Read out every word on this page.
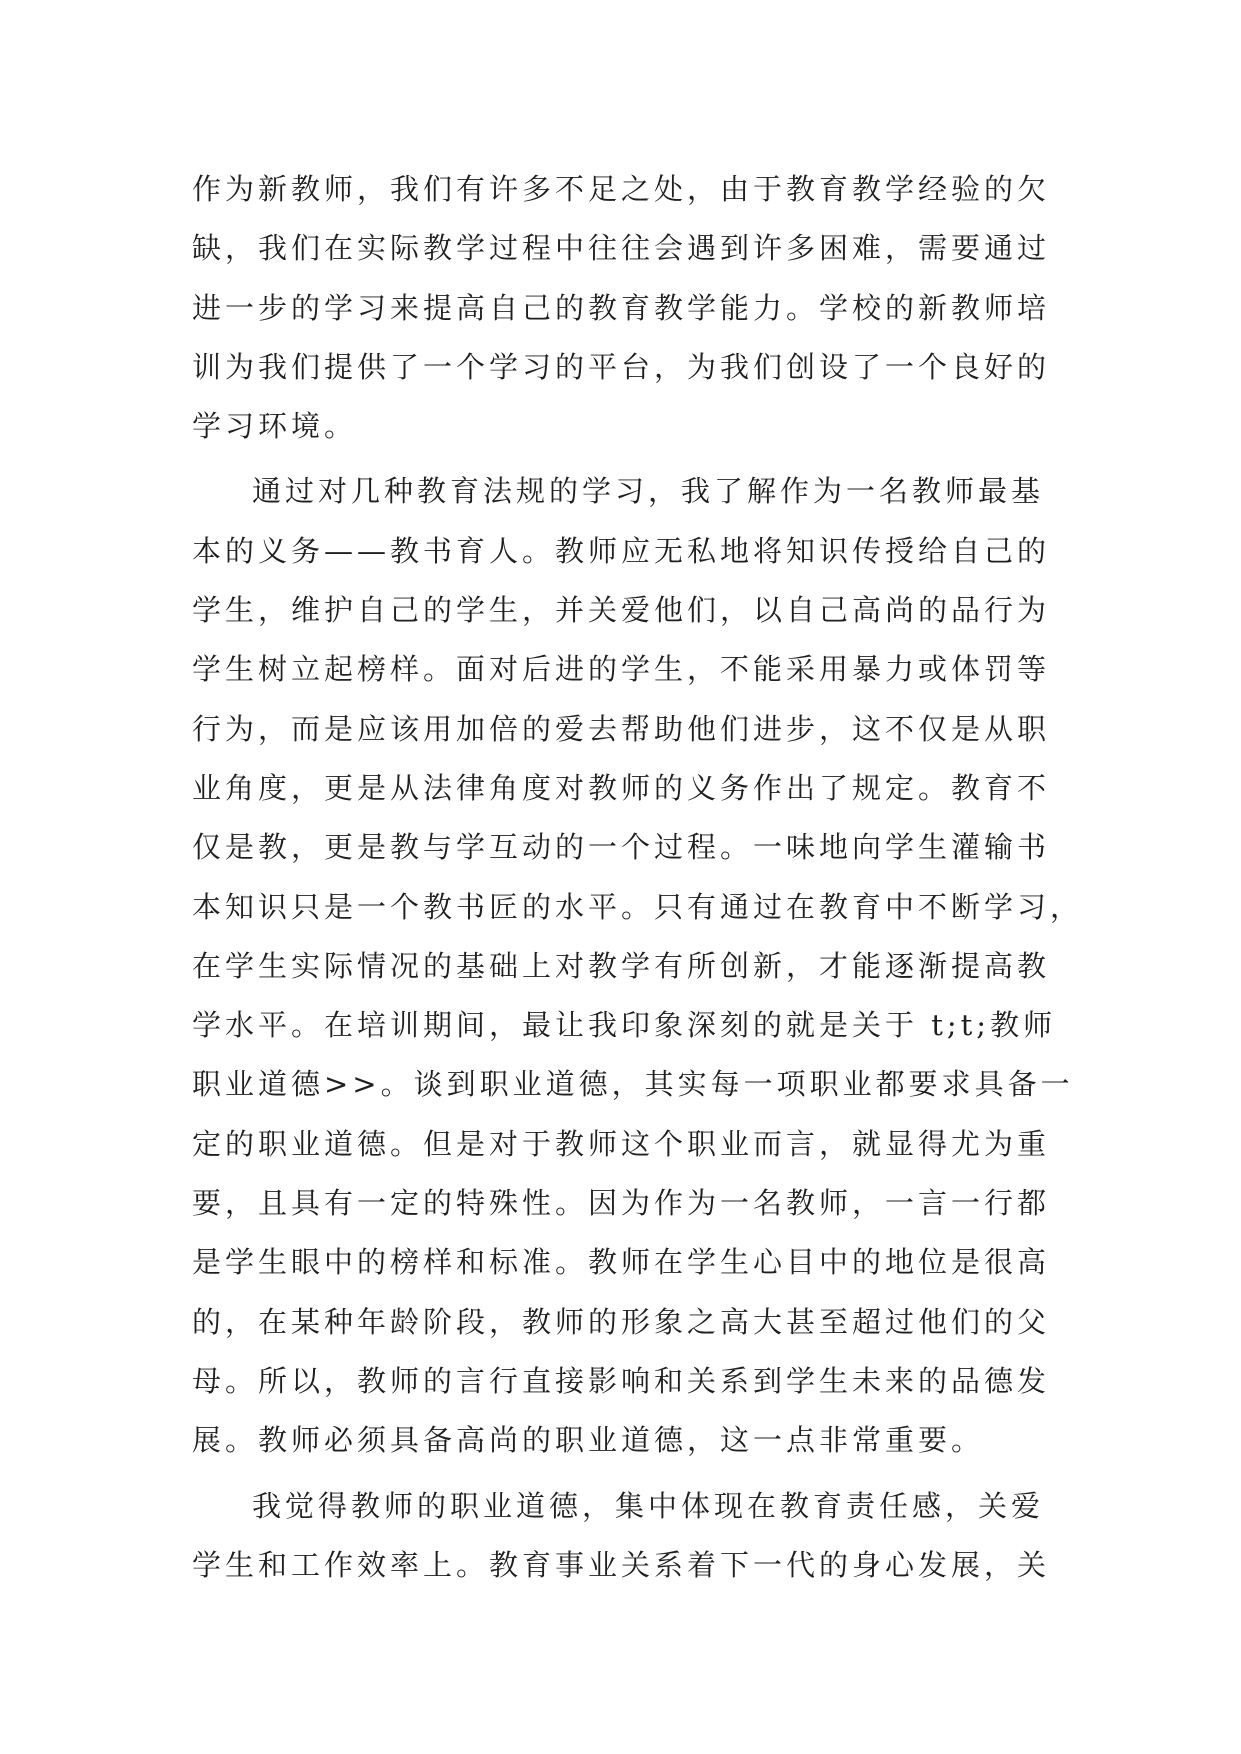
作为新教师，我们有许多不足之处，由于教育教学经验的欠
缺，我们在实际教学过程中往往会遇到许多困难，需要通过
进一步的学习来提高自己的教育教学能力。学校的新教师培
训为我们提供了一个学习的平台，为我们创设了一个良好的
学习环境。
通过对几种教育法规的学习，我了解作为一名教师最基
本的义务——教书育人。教师应无私地将知识传授给自己的
学生，维护自己的学生，并关爱他们，以自己高尚的品行为
学生树立起榜样。面对后进的学生，不能采用暴力或体罚等
行为，而是应该用加倍的爱去帮助他们进步，这不仅是从职
业角度，更是从法律角度对教师的义务作出了规定。教育不
仅是教，更是教与学互动的一个过程。一味地向学生灌输书
本知识只是一个教书匠的水平。只有通过在教育中不断学习，
在学生实际情况的基础上对教学有所创新，才能逐渐提高教
学水平。在培训期间，最让我印象深刻的就是关于 t;t;教师
职业道德>>。谈到职业道德，其实每一项职业都要求具备一
定的职业道德。但是对于教师这个职业而言，就显得尤为重
要，且具有一定的特殊性。因为作为一名教师，一言一行都
是学生眼中的榜样和标准。教师在学生心目中的地位是很高
的，在某种年龄阶段，教师的形象之高大甚至超过他们的父
母。所以，教师的言行直接影响和关系到学生未来的品德发
展。教师必须具备高尚的职业道德，这一点非常重要。
我觉得教师的职业道德，集中体现在教育责任感，关爱
学生和工作效率上。教育事业关系着下一代的身心发展，关
